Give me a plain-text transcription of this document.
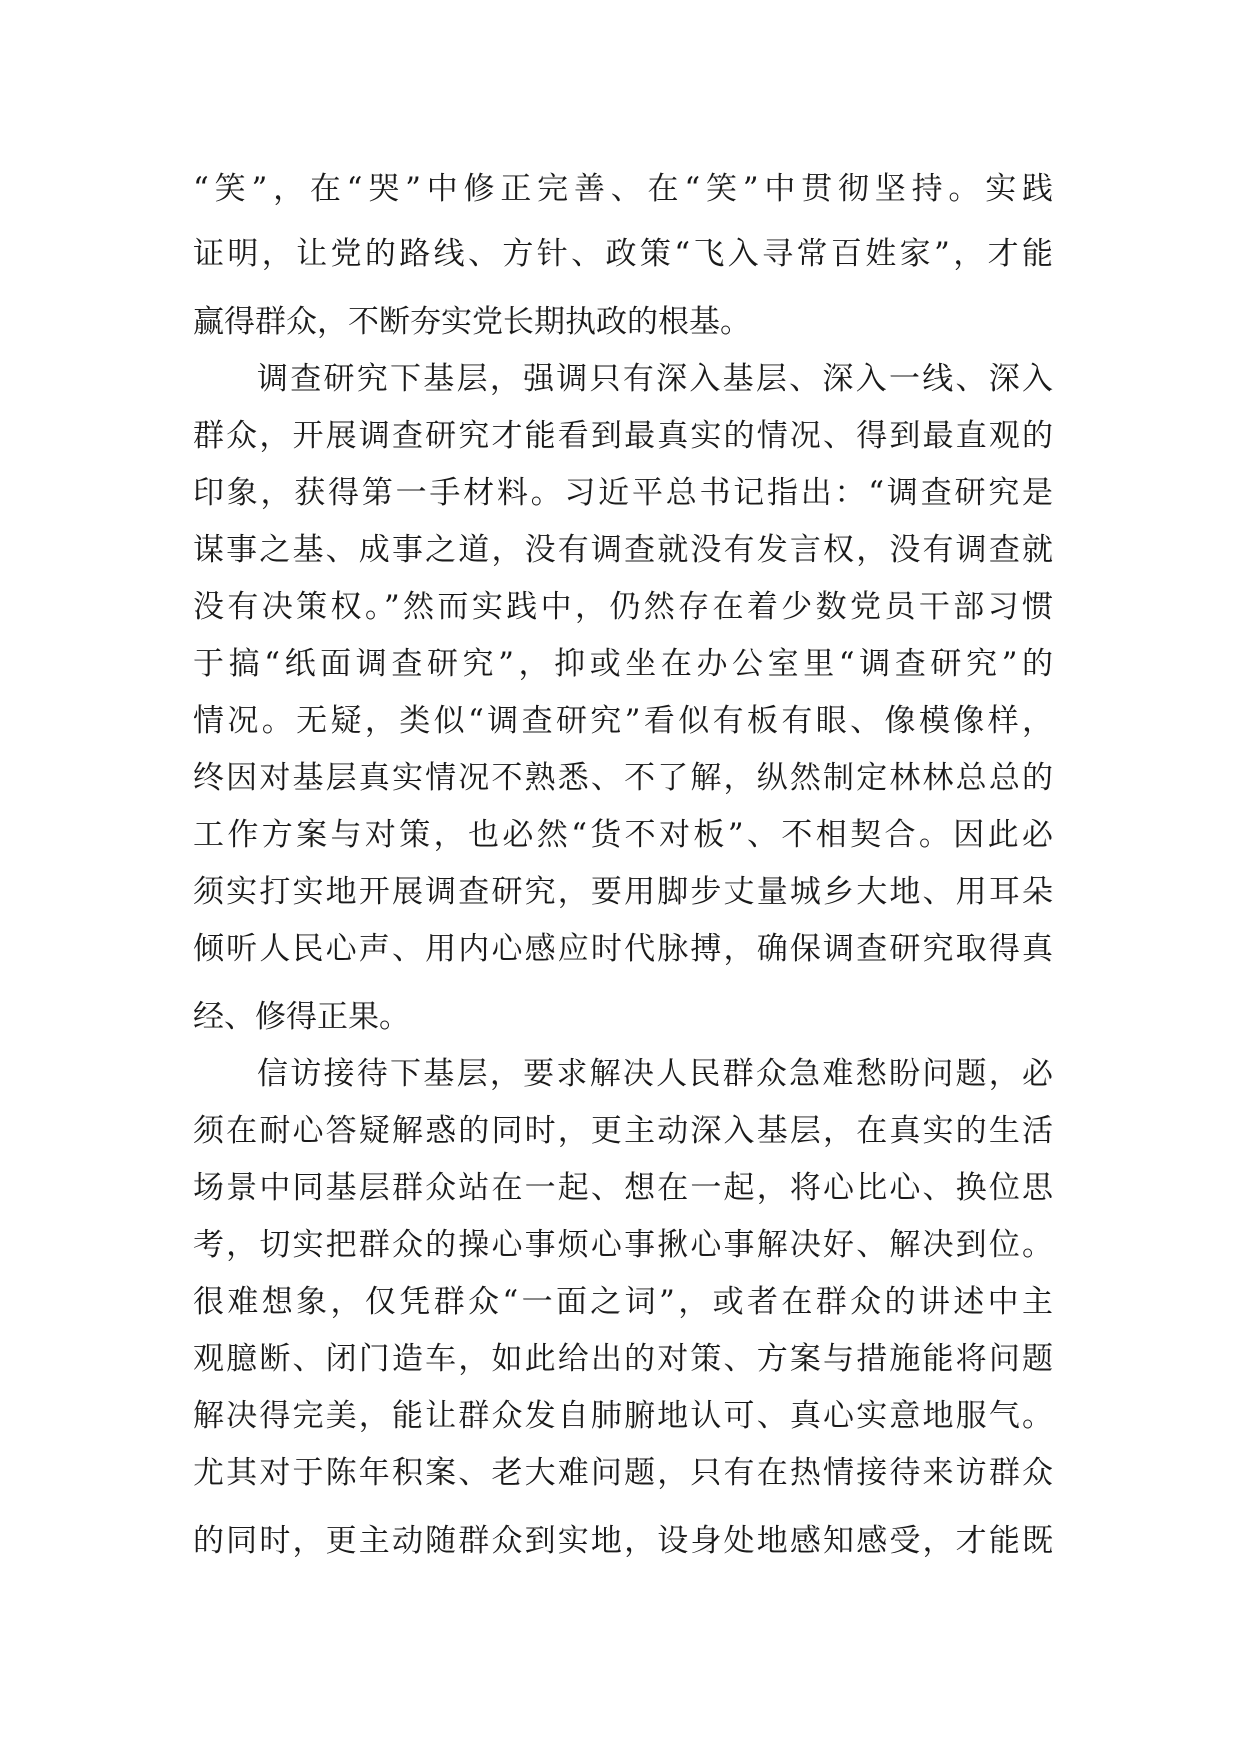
“笑”，在“哭”中修正完善、在“笑”中贯彻坚持。实践
证明，让党的路线、方针、政策“飞入寻常百姓家”，才能
赢得群众，不断夯实党长期执政的根基。
调查研究下基层，强调只有深入基层、深入一线、深入
群众，开展调查研究才能看到最真实的情况、得到最直观的
印象，获得第一手材料。习近平总书记指出：“调查研究是
谋事之基、成事之道，没有调查就没有发言权，没有调查就
没有决策权。”然而实践中，仍然存在着少数党员干部习惯
于搞“纸面调查研究”，抑或坐在办公室里“调查研究”的
情况。无疑，类似“调查研究”看似有板有眼、像模像样，
终因对基层真实情况不熟悉、不了解，纵然制定林林总总的
工作方案与对策，也必然“货不对板”、不相契合。因此必
须实打实地开展调查研究，要用脚步丈量城乡大地、用耳朵
倾听人民心声、用内心感应时代脉搏，确保调查研究取得真
经、修得正果。
信访接待下基层，要求解决人民群众急难愁盼问题，必
须在耐心答疑解惑的同时，更主动深入基层，在真实的生活
场景中同基层群众站在一起、想在一起，将心比心、换位思
考，切实把群众的操心事烦心事揪心事解决好、解决到位。
很难想象，仅凭群众“一面之词”，或者在群众的讲述中主
观臆断、闭门造车，如此给出的对策、方案与措施能将问题
解决得完美，能让群众发自肺腑地认可、真心实意地服气。
尤其对于陈年积案、老大难问题，只有在热情接待来访群众
的同时，更主动随群众到实地，设身处地感知感受，才能既
